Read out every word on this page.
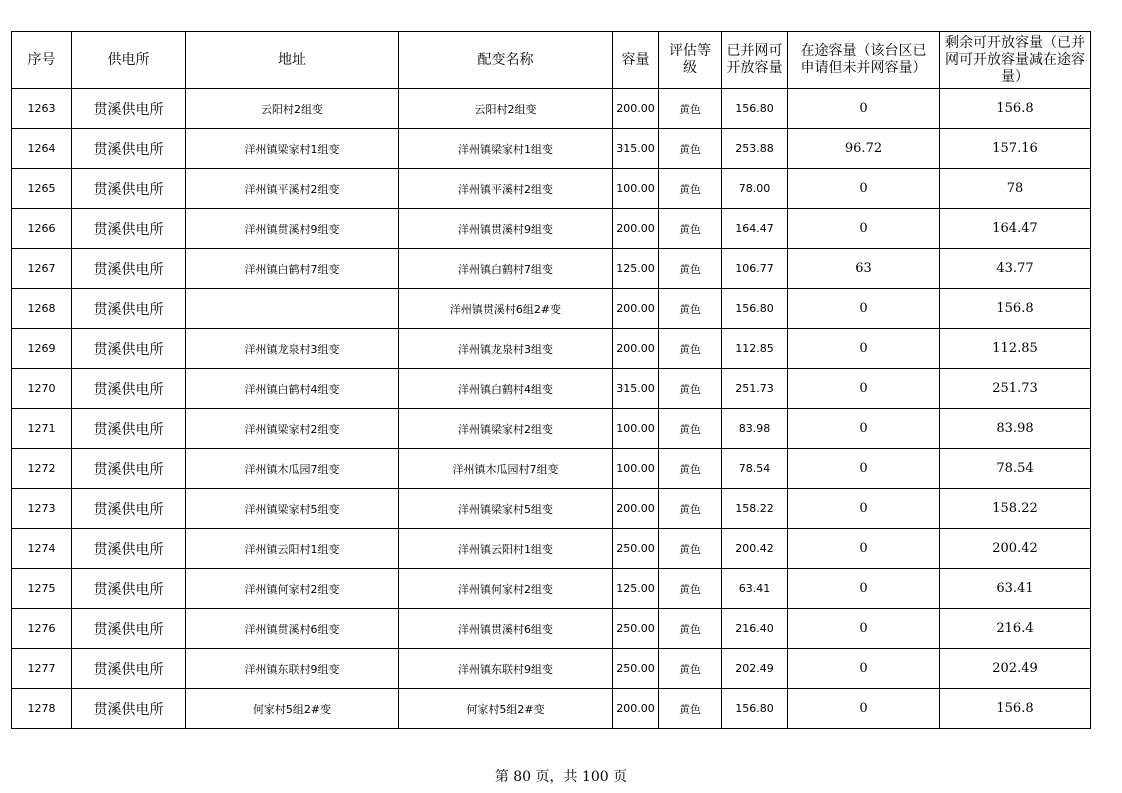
序号	供电所	地址	配变名称	容量	评估等级	已并网可开放容量	在途容量（该台区已申请但未并网容量）	剩余可开放容量（已并网可开放容量减在途容量）
1263	贯溪供电所	云阳村2组变	云阳村2组变	200.00	黄色	156.80	0	156.8
1264	贯溪供电所	洋州镇梁家村1组变	洋州镇梁家村1组变	315.00	黄色	253.88	96.72	157.16
1265	贯溪供电所	洋州镇平溪村2组变	洋州镇平溪村2组变	100.00	黄色	78.00	0	78
1266	贯溪供电所	洋州镇贯溪村9组变	洋州镇贯溪村9组变	200.00	黄色	164.47	0	164.47
1267	贯溪供电所	洋州镇白鹤村7组变	洋州镇白鹤村7组变	125.00	黄色	106.77	63	43.77
1268	贯溪供电所		洋州镇贯溪村6组2#变	200.00	黄色	156.80	0	156.8
1269	贯溪供电所	洋州镇龙泉村3组变	洋州镇龙泉村3组变	200.00	黄色	112.85	0	112.85
1270	贯溪供电所	洋州镇白鹤村4组变	洋州镇白鹤村4组变	315.00	黄色	251.73	0	251.73
1271	贯溪供电所	洋州镇梁家村2组变	洋州镇梁家村2组变	100.00	黄色	83.98	0	83.98
1272	贯溪供电所	洋州镇木瓜园7组变	洋州镇木瓜园村7组变	100.00	黄色	78.54	0	78.54
1273	贯溪供电所	洋州镇梁家村5组变	洋州镇梁家村5组变	200.00	黄色	158.22	0	158.22
1274	贯溪供电所	洋州镇云阳村1组变	洋州镇云阳村1组变	250.00	黄色	200.42	0	200.42
1275	贯溪供电所	洋州镇何家村2组变	洋州镇何家村2组变	125.00	黄色	63.41	0	63.41
1276	贯溪供电所	洋州镇贯溪村6组变	洋州镇贯溪村6组变	250.00	黄色	216.40	0	216.4
1277	贯溪供电所	洋州镇东联村9组变	洋州镇东联村9组变	250.00	黄色	202.49	0	202.49
1278	贯溪供电所	何家村5组2#变	何家村5组2#变	200.00	黄色	156.80	0	156.8
第 80 页，共 100 页
